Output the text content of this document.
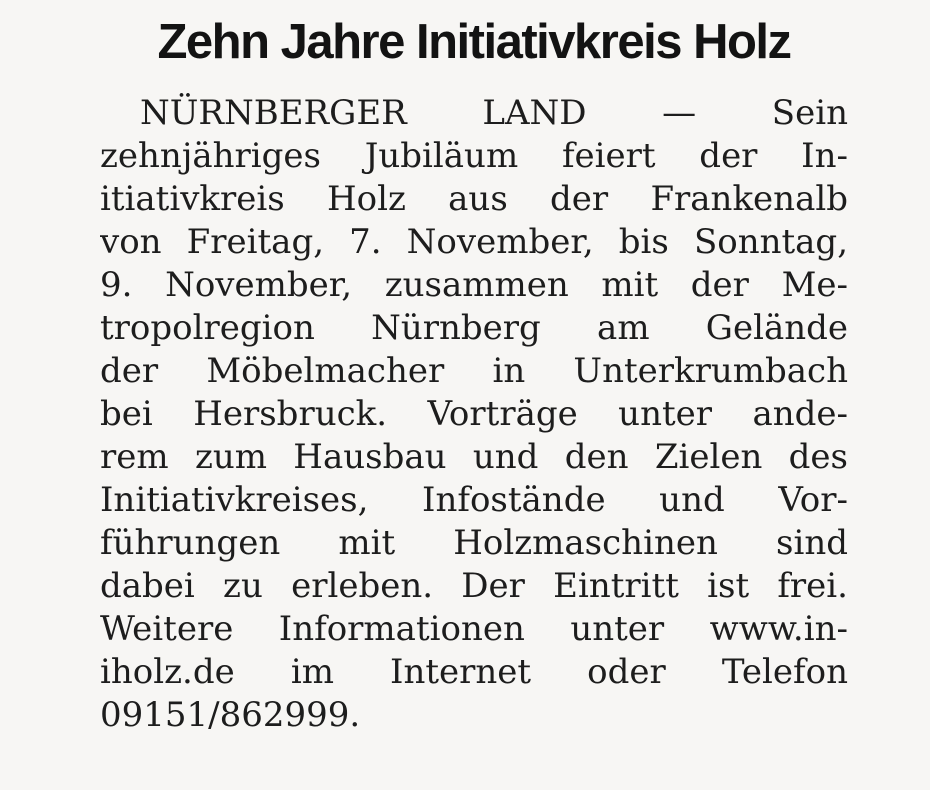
Zehn Jahre Initiativkreis Holz
NÜRNBERGER LAND — Sein
zehnjähriges Jubiläum feiert der In-
itiativkreis Holz aus der Frankenalb
von Freitag, 7. November, bis Sonntag,
9. November, zusammen mit der Me-
tropolregion Nürnberg am Gelände
der Möbelmacher in Unterkrumbach
bei Hersbruck. Vorträge unter ande-
rem zum Hausbau und den Zielen des
Initiativkreises, Infostände und Vor-
führungen mit Holzmaschinen sind
dabei zu erleben. Der Eintritt ist frei.
Weitere Informationen unter www.in-
iholz.de im Internet oder Telefon
09151/862999.
